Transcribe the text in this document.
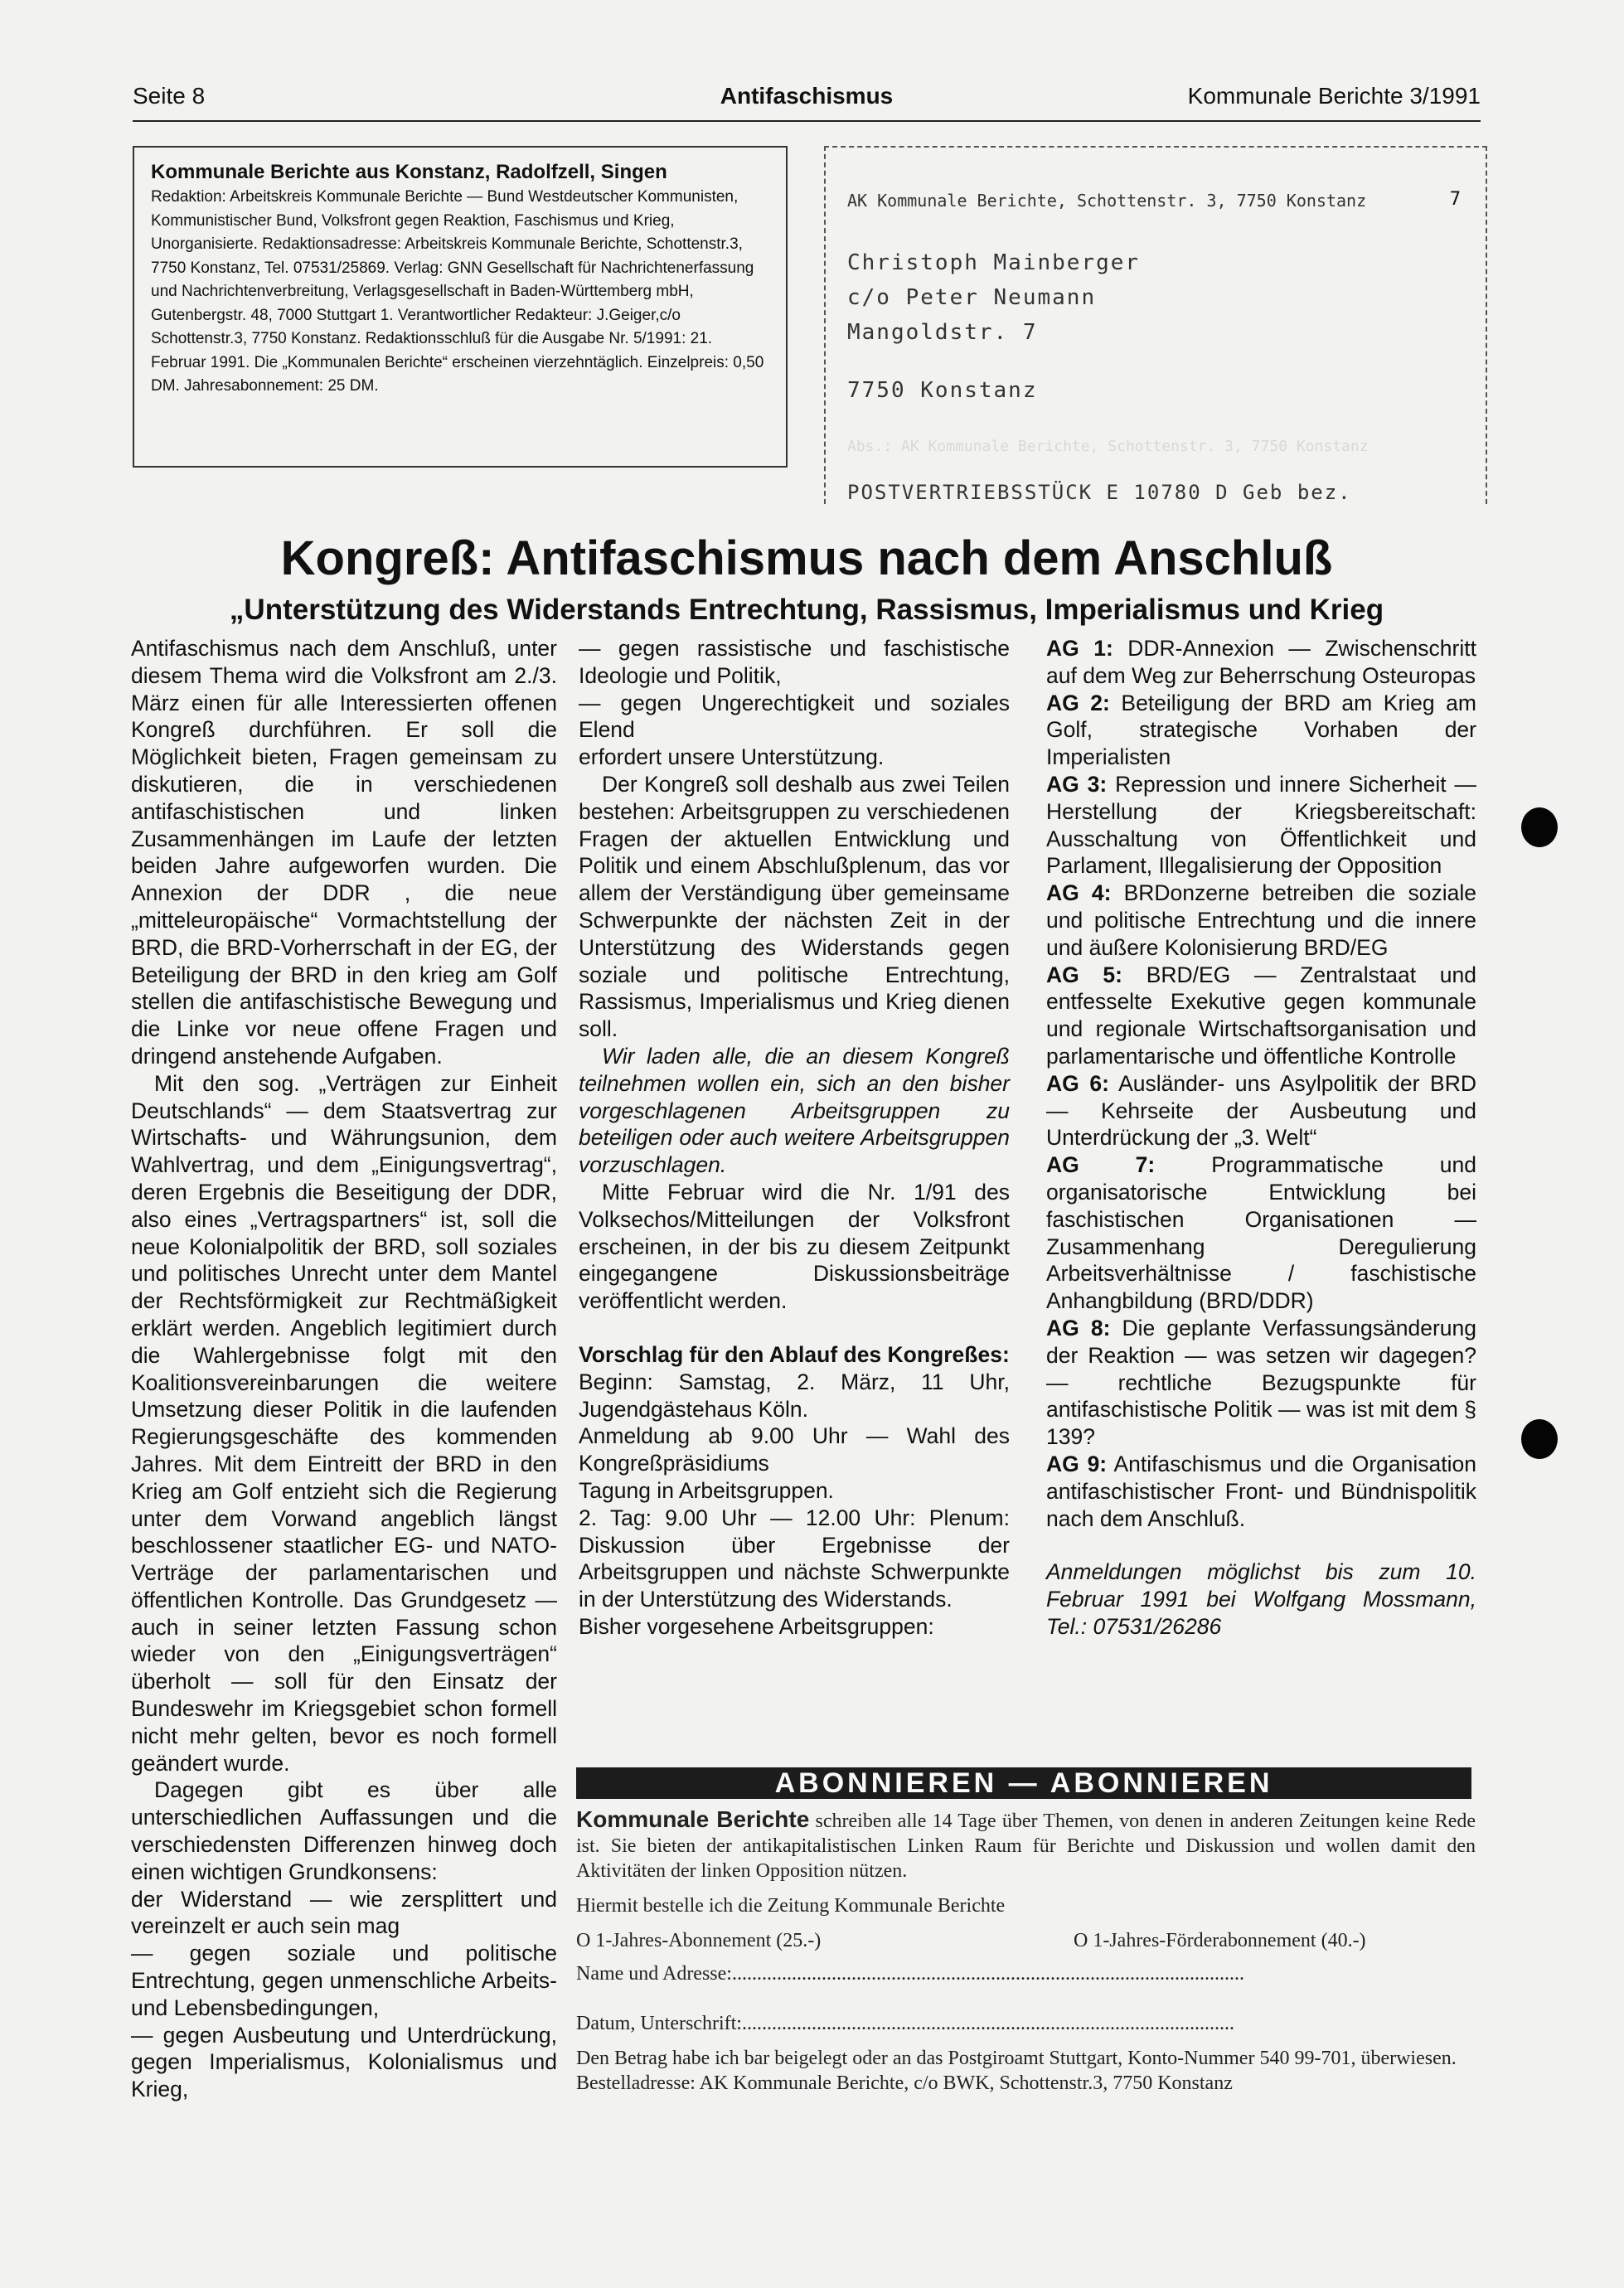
Seite 8	Antifaschismus	Kommunale Berichte 3/1991
Kommunale Berichte aus Konstanz, Radolfzell, Singen
Redaktion: Arbeitskreis Kommunale Berichte — Bund Westdeutscher Kommunisten, Kommunistischer Bund, Volksfront gegen Reaktion, Faschismus und Krieg, Unorganisierte. Redaktionsadresse: Arbeitskreis Kommunale Berichte, Schottenstr.3, 7750 Konstanz, Tel. 07531/25869. Verlag: GNN Gesellschaft für Nachrichtenerfassung und Nachrichtenverbreitung, Verlagsgesellschaft in Baden-Württemberg mbH, Gutenbergstr. 48, 7000 Stuttgart 1. Verantwortlicher Redakteur: J.Geiger,c/o Schottenstr.3, 7750 Konstanz. Redaktionsschluß für die Ausgabe Nr. 5/1991: 21. Februar 1991. Die „Kommunalen Berichte“ erscheinen vierzehntäglich. Einzelpreis: 0,50 DM. Jahresabonnement: 25 DM.
AK Kommunale Berichte, Schottenstr. 3, 7750 Konstanz	7
Christoph Mainberger
c/o Peter Neumann
Mangoldstr. 7
7750 Konstanz
Abs.: AK Kommunale Berichte, Schottenstr. 3, 7750 Konstanz
POSTVERTRIEBSSTÜCK E 10780 D Geb bez.
Kongreß: Antifaschismus nach dem Anschluß
„Unterstützung des Widerstands Entrechtung, Rassismus, Imperialismus und Krieg

Antifaschismus nach dem Anschluß, unter diesem Thema wird die Volksfront am 2./3. März einen für alle Interessierten offenen Kongreß durchführen. Er soll die Möglichkeit bieten, Fragen gemeinsam zu diskutieren, die in verschiedenen antifaschistischen und linken Zusammenhängen im Laufe der letzten beiden Jahre aufgeworfen wurden. Die Annexion der DDR , die neue „mitteleuropäische“ Vormachtstellung der BRD, die BRD-Vorherrschaft in der EG, der Beteiligung der BRD in den krieg am Golf stellen die antifaschistische Bewegung und die Linke vor neue offene Fragen und dringend anstehende Aufgaben.

Mit den sog. „Verträgen zur Einheit Deutschlands“ — dem Staatsvertrag zur Wirtschafts- und Währungsunion, dem Wahlvertrag, und dem „Einigungsvertrag“, deren Ergebnis die Beseitigung der DDR, also eines „Vertragspartners“ ist, soll die neue Kolonialpolitik der BRD, soll soziales und politisches Unrecht unter dem Mantel der Rechtsförmigkeit zur Rechtmäßigkeit erklärt werden. Angeblich legitimiert durch die Wahlergebnisse folgt mit den Koalitionsvereinbarungen die weitere Umsetzung dieser Politik in die laufenden Regierungsgeschäfte des kommenden Jahres. Mit dem Eintreitt der BRD in den Krieg am Golf entzieht sich die Regierung unter dem Vorwand angeblich längst beschlossener staatlicher EG- und NATO-Verträge der parlamentarischen und öffentlichen Kontrolle. Das Grundgesetz — auch in seiner letzten Fassung schon wieder von den „Einigungsverträgen“ überholt — soll für den Einsatz der Bundeswehr im Kriegsgebiet schon formell nicht mehr gelten, bevor es noch formell geändert wurde.

Dagegen gibt es über alle unterschiedlichen Auffassungen und die verschiedensten Differenzen hinweg doch einen wichtigen Grundkonsens:

der Widerstand — wie zersplittert und vereinzelt er auch sein mag

— gegen soziale und politische Entrechtung, gegen unmenschliche Arbeits- und Lebensbedingungen,

— gegen Ausbeutung und Unterdrückung, gegen Imperialismus, Kolonialismus und Krieg,

— gegen rassistische und faschistische Ideologie und Politik,

— gegen Ungerechtigkeit und soziales Elend

erfordert unsere Unterstützung.

Der Kongreß soll deshalb aus zwei Teilen bestehen: Arbeitsgruppen zu verschiedenen Fragen der aktuellen Entwicklung und Politik und einem Abschlußplenum, das vor allem der Verständigung über gemeinsame Schwerpunkte der nächsten Zeit in der Unterstützung des Widerstands gegen soziale und politische Entrechtung, Rassismus, Imperialismus und Krieg dienen soll.

Wir laden alle, die an diesem Kongreß teilnehmen wollen ein, sich an den bisher vorgeschlagenen Arbeitsgruppen zu beteiligen oder auch weitere Arbeitsgruppen vorzuschlagen.

Mitte Februar wird die Nr. 1/91 des Volksechos/Mitteilungen der Volksfront erscheinen, in der bis zu diesem Zeitpunkt eingegangene Diskussionsbeiträge veröffentlicht werden.

Vorschlag für den Ablauf des Kongreßes:

Beginn: Samstag, 2. März, 11 Uhr, Jugendgästehaus Köln.

Anmeldung ab 9.00 Uhr — Wahl des Kongreßpräsidiums

Tagung in Arbeitsgruppen.

2. Tag: 9.00 Uhr — 12.00 Uhr: Plenum: Diskussion über Ergebnisse der Arbeitsgruppen und nächste Schwerpunkte in der Unterstützung des Widerstands.

Bisher vorgesehene Arbeitsgruppen:

AG 1: DDR-Annexion — Zwischenschritt auf dem Weg zur Beherrschung Osteuropas

AG 2: Beteiligung der BRD am Krieg am Golf, strategische Vorhaben der Imperialisten

AG 3: Repression und innere Sicherheit — Herstellung der Kriegsbereitschaft: Ausschaltung von Öffentlichkeit und Parlament, Illegalisierung der Opposition

AG 4: BRDonzerne betreiben die soziale und politische Entrechtung und die innere und äußere Kolonisierung BRD/EG

AG 5: BRD/EG — Zentralstaat und entfesselte Exekutive gegen kommunale und regionale Wirtschaftsorganisation und parlamentarische und öffentliche Kontrolle

AG 6: Ausländer- uns Asylpolitik der BRD — Kehrseite der Ausbeutung und Unterdrückung der „3. Welt“

AG 7:	Programmatische und organisatorische Entwicklung bei faschistischen Organisationen — Zusammenhang Deregulierung Arbeitsverhältnisse / faschistische Anhangbildung (BRD/DDR)

AG 8: Die geplante Verfassungsänderung der Reaktion — was setzen wir dagegen? — rechtliche Bezugspunkte für antifaschistische Politik — was ist mit dem § 139?

AG 9: Antifaschismus und die Organisation antifaschistischer Front- und Bündnispolitik nach dem Anschluß.

Anmeldungen möglichst bis zum 10. Februar 1991 bei Wolfgang Mossmann, Tel.: 07531/26286

ABONNIEREN — ABONNIEREN

Kommunale Berichte schreiben alle 14 Tage über Themen, von denen in anderen Zeitungen keine Rede ist. Sie bieten der antikapitalistischen Linken Raum für Berichte und Diskussion und wollen damit den Aktivitäten der linken Opposition nützen.

Hiermit bestelle ich die Zeitung Kommunale Berichte

O 1-Jahres-Abonnement (25.-)	O 1-Jahres-Förderabonnement (40.-)

Name und Adresse:.......................................................................................................

Datum, Unterschrift:...................................................................................................

Den Betrag habe ich bar beigelegt oder an das Postgiroamt Stuttgart, Konto-Nummer 540 99-701, überwiesen.

Bestelladresse: AK Kommunale Berichte, c/o BWK, Schottenstr.3, 7750 Konstanz
